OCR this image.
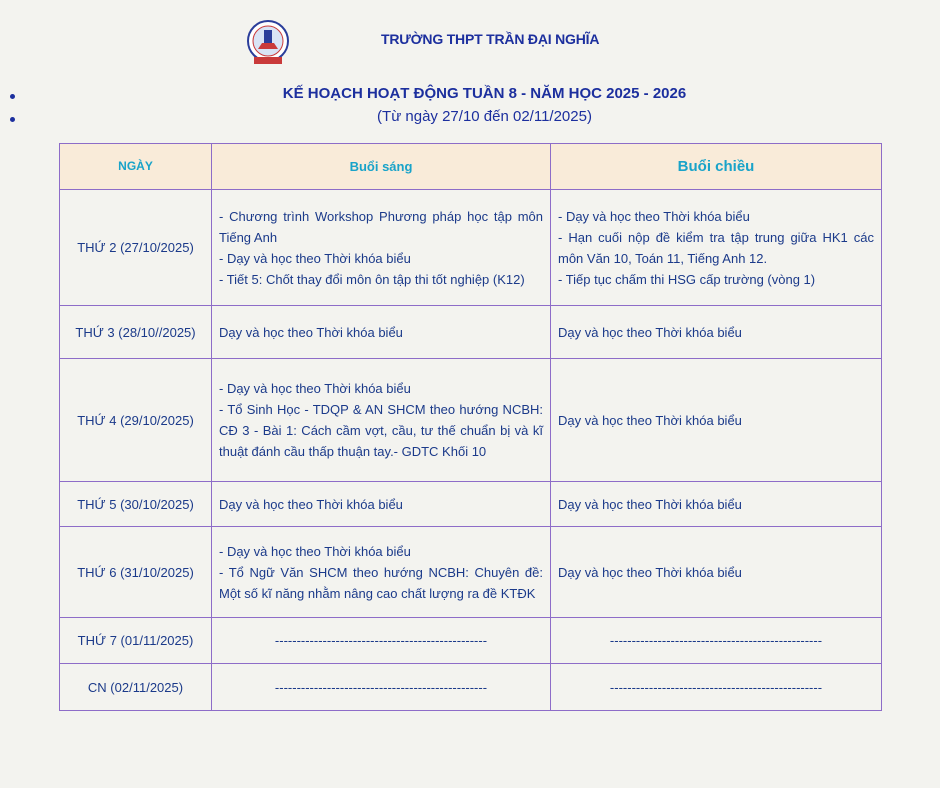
TRƯỜNG THPT TRẦN ĐẠI NGHĨA
KẾ HOẠCH HOẠT ĐỘNG TUẦN 8 - NĂM HỌC 2025 - 2026
(Từ ngày 27/10 đến 02/11/2025)
NGÀY	Buổi sáng	Buổi chiều
THỨ 2 (27/10/2025)	- Chương trình Workshop Phương pháp học tập môn Tiếng Anh
- Dạy và học theo Thời khóa biểu
- Tiết 5: Chốt thay đổi môn ôn tập thi tốt nghiệp (K12)	- Dạy và học theo Thời khóa biểu
- Hạn cuối nộp đề kiểm tra tập trung giữa HK1 các môn Văn 10, Toán 11, Tiếng Anh 12.
- Tiếp tục chấm thi HSG cấp trường (vòng 1)

THỨ 3 (28/10//2025)	Dạy và học theo Thời khóa biểu	Dạy và học theo Thời khóa biểu

THỨ 4 (29/10/2025)	- Dạy và học theo Thời khóa biểu
- Tổ Sinh Học - TDQP & AN SHCM theo hướng NCBH: CĐ 3 - Bài 1: Cách cầm vợt, cầu, tư thế chuẩn bị và kĩ thuật đánh cầu thấp thuận tay.- GDTC Khối 10	Dạy và học theo Thời khóa biểu

THỨ 5 (30/10/2025)	Dạy và học theo Thời khóa biểu	Dạy và học theo Thời khóa biểu

THỨ 6 (31/10/2025)	- Dạy và học theo Thời khóa biểu
- Tổ Ngữ Văn SHCM theo hướng NCBH: Chuyên đề: Một số kĩ năng nhằm nâng cao chất lượng ra đề KTĐK	Dạy và học theo Thời khóa biểu

THỨ 7 (01/11/2025)	-------------------------------------------------	-------------------------------------------------

CN (02/11/2025)	-------------------------------------------------	-------------------------------------------------
